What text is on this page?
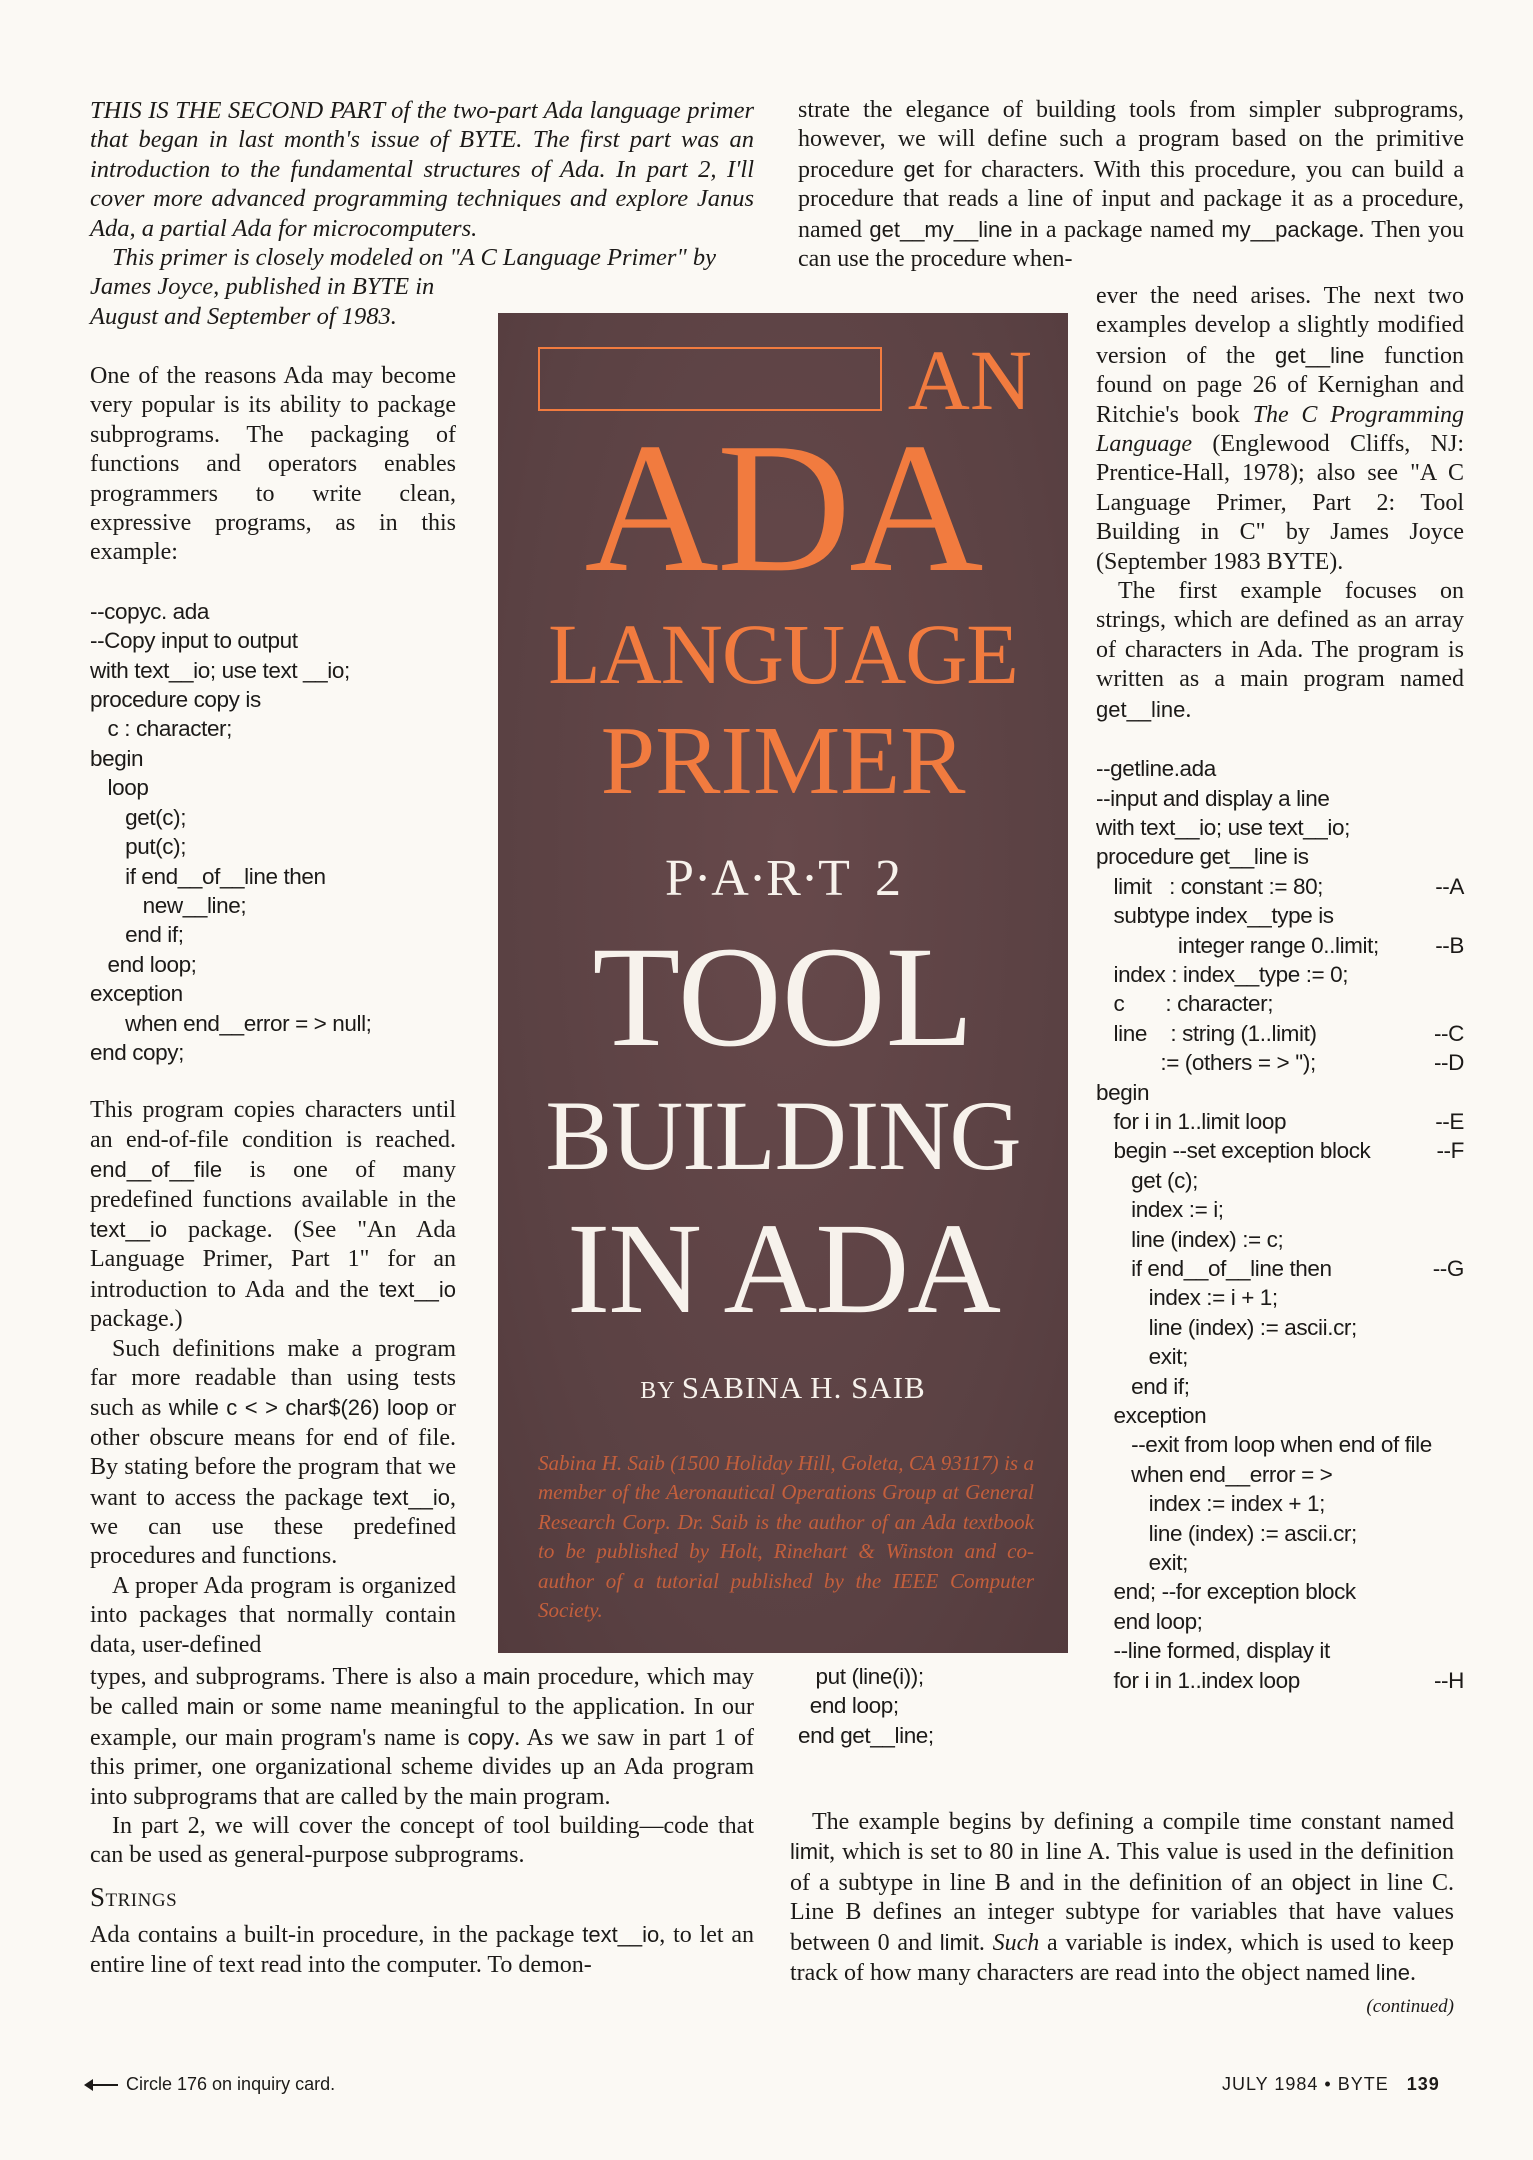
THIS IS THE SECOND PART of the two-part Ada language primer that began in last month's issue of BYTE. The first part was an introduction to the fundamental structures of Ada. In part 2, I'll cover more advanced programming techniques and explore Janus Ada, a partial Ada for microcomputers.
This primer is closely modeled on "A C Language Primer" by
James Joyce, published in BYTE in
August and September of 1983.

One of the reasons Ada may become very popular is its ability to package subprograms. The packaging of functions and operators enables programmers to write clean, expressive programs, as in this example:

--copyc. ada
--Copy input to output
with text__io; use text __io;
procedure copy is
c : character;
begin
loop
get(c);
put(c);
if end__of__line then
new__line;
end if;
end loop;
exception
when end__error = > null;
end copy;

This program copies characters until an end-of-file condition is reached. end__of__file is one of many predefined functions available in the text__io package. (See "An Ada Language Primer, Part 1" for an introduction to Ada and the text__io package.)

Such definitions make a program far more readable than using tests such as while c < > char$(26) loop or other obscure means for end of file. By stating before the program that we want to access the package text__io, we can use these predefined procedures and functions.

A proper Ada program is organized into packages that normally contain data, user-defined

types, and subprograms. There is also a main procedure, which may be called main or some name meaningful to the application. In our example, our main program's name is copy. As we saw in part 1 of this primer, one organizational scheme divides up an Ada program into subprograms that are called by the main program.

In part 2, we will cover the concept of tool building—code that can be used as general-purpose subprograms.

Strings

Ada contains a built-in procedure, in the package text__io, to let an entire line of text read into the computer. To demon-

AN
ADA
LANGUAGE
PRIMER
P·A·R·T  2
TOOL
BUILDING
IN ADA
BY SABINA H. SAIB
Sabina H. Saib (1500 Holiday Hill, Goleta, CA 93117) is a member of the Aeronautical Operations Group at General Research Corp. Dr. Saib is the author of an Ada textbook to be published by Holt, Rinehart & Winston and co-author of a tutorial published by the IEEE Computer Society.

strate the elegance of building tools from simpler subprograms, however, we will define such a program based on the primitive procedure get for characters. With this procedure, you can build a procedure that reads a line of input and package it as a procedure, named get__my__line in a package named my__package. Then you can use the procedure when-

ever the need arises. The next two examples develop a slightly modified version of the get__line function found on page 26 of Kernighan and Ritchie's book The C Programming Language (Englewood Cliffs, NJ: Prentice-Hall, 1978); also see "A C Language Primer, Part 2: Tool Building in C" by James Joyce (September 1983 BYTE).

The first example focuses on strings, which are defined as an array of characters in Ada. The program is written as a main program named get__line.

--getline.ada
--input and display a line
with text__io; use text__io;
procedure get__line is
limit   : constant := 80;	--A
subtype index__type is
integer range 0..limit;	--B
index : index__type := 0;
c       : character;
line    : string (1..limit)	--C
:= (others = > '');	--D
begin
for i in 1..limit loop	--E
begin --set exception block	--F
get (c);
index := i;
line (index) := c;
if end__of__line then	--G
index := i + 1;
line (index) := ascii.cr;
exit;
end if;
exception
--exit from loop when end of file
when end__error = >
index := index + 1;
line (index) := ascii.cr;
exit;
end; --for exception block
end loop;
--line formed, display it
for i in 1..index loop	--H
put (line(i));
end loop;
end get__line;

The example begins by defining a compile time constant named limit, which is set to 80 in line A. This value is used in the definition of a subtype in line B and in the definition of an object in line C. Line B defines an integer subtype for variables that have values between 0 and limit. Such a variable is index, which is used to keep track of how many characters are read into the object named line.

(continued)
Circle 176 on inquiry card.	JULY 1984 • BYTE 139
